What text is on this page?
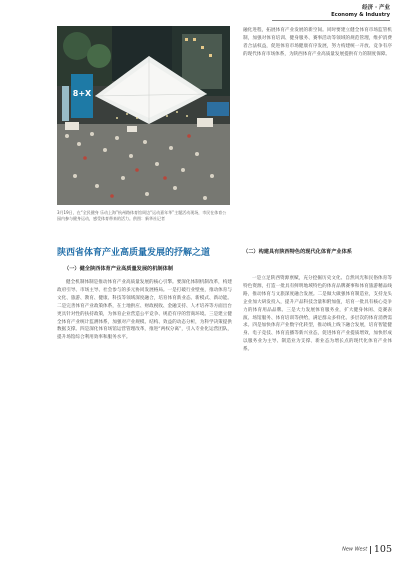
经济 · 产业
Economy & Industry
8+X
3月19日，在“全民健身 乐动上海”杭州路体育馆周边“运动嘉年华”主题活动现场，市民在体育公园内参与健身运动，感受体育带来的活力。供图：新华社记者
陕西省体育产业高质量发展的抒解之道
（一）健全陕西体育产业高质量发展的机制体制
健全机制体制是推动体育产业高质量发展的核心引擎。要深化体制机制改革，构建政府引导、市场主导、社会参与的多元协同发展格局。一是打破行业壁垒，推动体育与文化、旅游、教育、健康、科技等领域深度融合，培育体育新业态、新模式、新动能。二是完善体育产业政策体系，在土地供应、财政税收、金融支持、人才培养等方面出台更具针对性的扶持政策，为体育企业营造公平竞争、规范有序的营商环境。三是建立健全体育产业统计监测体系，加强对产业规模、结构、效益的动态分析，为科学决策提供数据支撑。四是深化体育场馆运营管理改革，推进“两权分离”，引入专业化运营团队，提升场馆综合利用效率和服务水平。
融化进程，拓展体育产业发展的新空间。同时要建立健全体育市场监管机制，加强对体育培训、健身服务、赛事活动等领域的规范管理，维护消费者合法权益，促进体育市场健康有序发展，努力构建统一开放、竞争有序的现代体育市场体系，为陕西体育产业高质量发展提供有力的制度保障。
（二）构建具有陕西特色的现代化体育产业体系
一是立足陕西资源禀赋，充分挖掘历史文化、自然风光和民俗体育等特色资源，打造一批具有鲜明地域特色的体育品牌赛事和体育旅游精品线路，推动体育与文旅深度融合发展。二是做大做强体育制造业，支持龙头企业加大研发投入，提升产品科技含量和附加值，培育一批具有核心竞争力的体育用品品牌。三是大力发展体育服务业，扩大健身休闲、竞赛表演、场馆服务、体育培训等供给，满足群众多样化、多层次的体育消费需求。四是加快体育产业数字化转型，推动线上线下融合发展，培育智能健身、电子竞技、体育直播等新兴业态，促进体育产业提质增效，加快形成以服务业为主导、制造业为支撑、新业态为增长点的现代化体育产业体系。
New West 105
